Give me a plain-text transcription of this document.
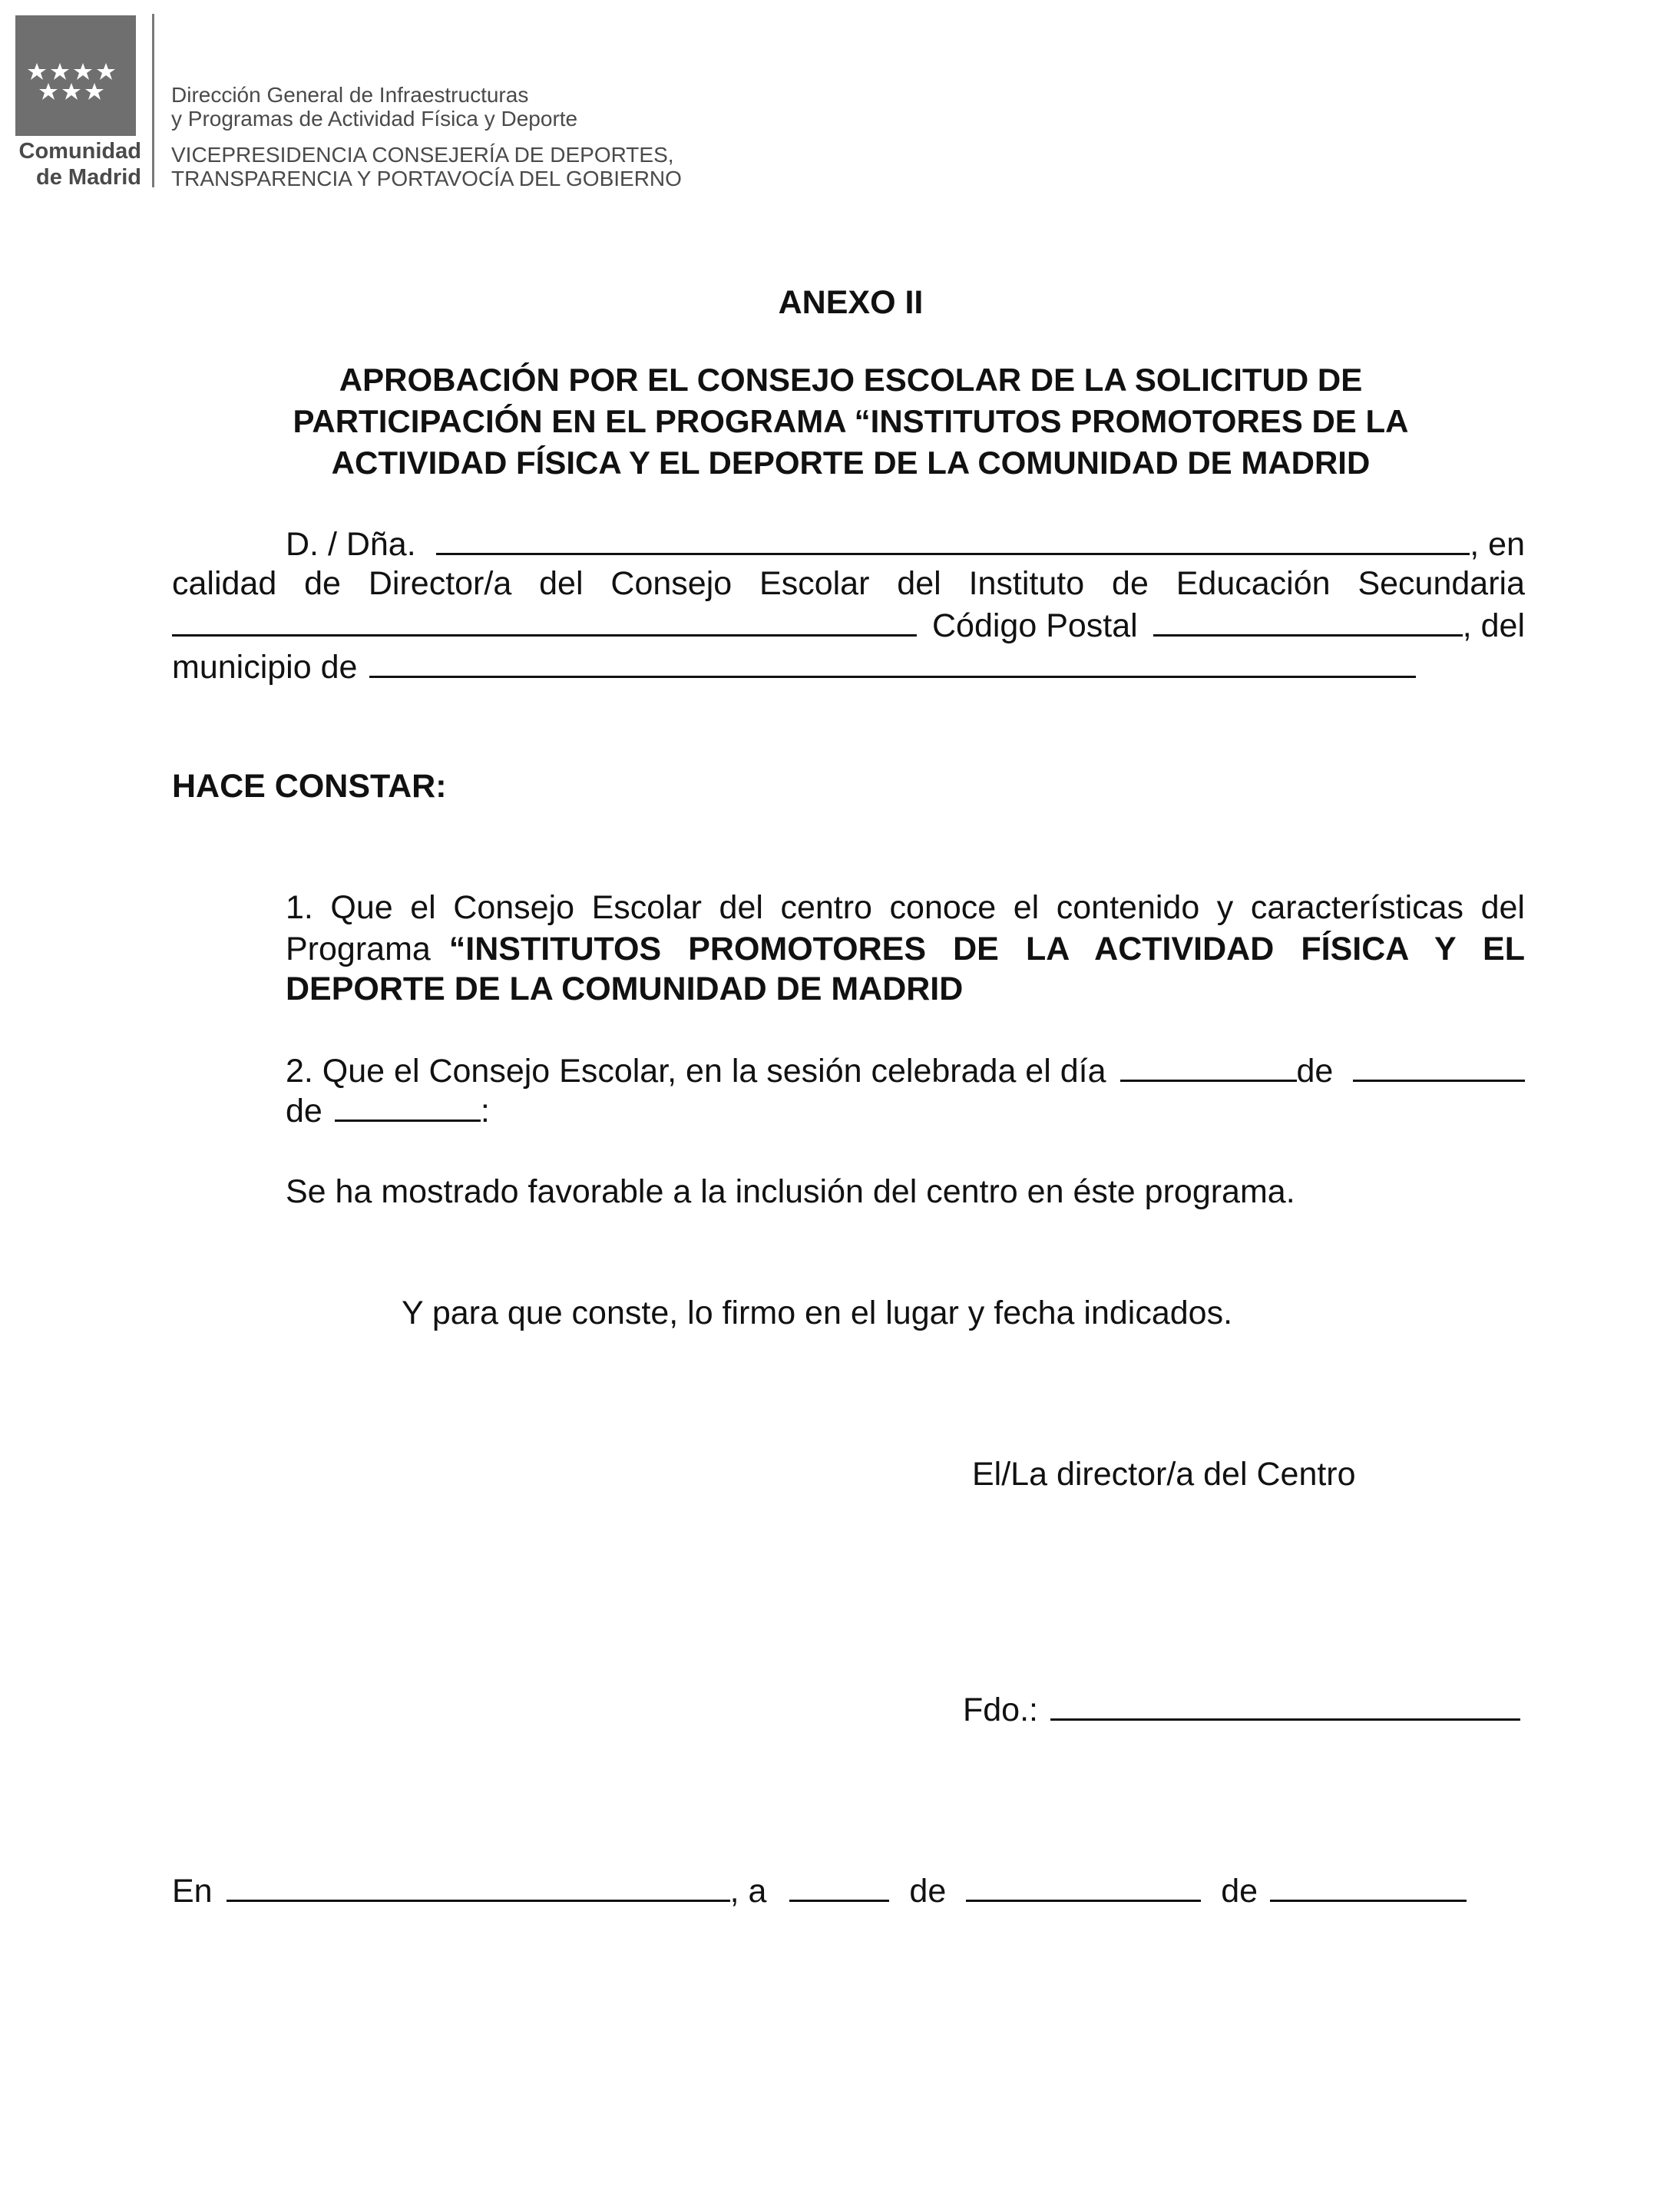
Comunidad
de Madrid
Dirección General de Infraestructuras
y Programas de Actividad Física y Deporte
VICEPRESIDENCIA CONSEJERÍA DE DEPORTES,
TRANSPARENCIA Y PORTAVOCÍA DEL GOBIERNO
ANEXO II
APROBACIÓN POR EL CONSEJO ESCOLAR DE LA SOLICITUD DE
PARTICIPACIÓN EN EL PROGRAMA “INSTITUTOS PROMOTORES DE LA
ACTIVIDAD FÍSICA Y EL DEPORTE DE LA COMUNIDAD DE MADRID
D. / Dña.	, en
calidad de Director/a del Consejo Escolar del Instituto de Educación Secundaria
Código Postal	, del
municipio de
HACE CONSTAR:
1. Que el Consejo Escolar del centro conoce el contenido y características del
Programa “INSTITUTOS PROMOTORES DE LA ACTIVIDAD FÍSICA Y EL
DEPORTE DE LA COMUNIDAD DE MADRID
2. Que el Consejo Escolar, en la sesión celebrada el día	de
de	:
Se ha mostrado favorable a la inclusión del centro en éste programa.
Y para que conste, lo firmo en el lugar y fecha indicados.
El/La director/a del Centro
Fdo.:
En	, a	de	de
